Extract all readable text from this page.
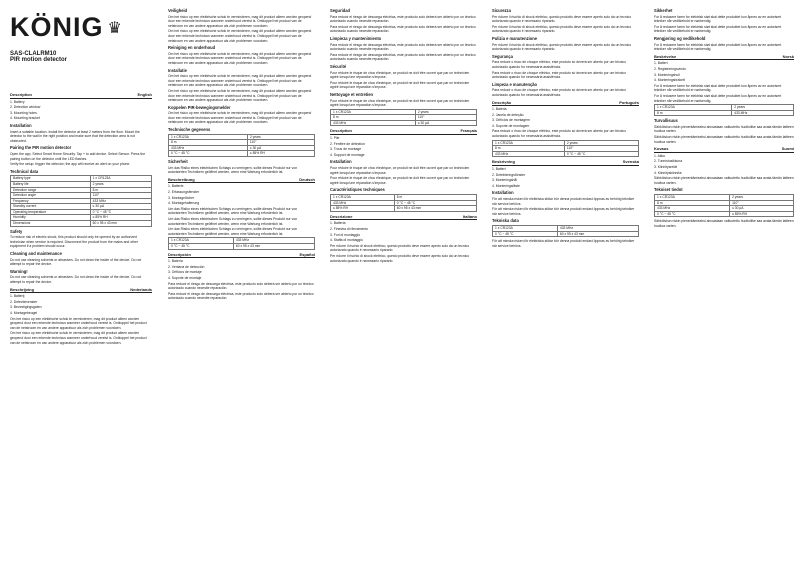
KÖNIG ♛
SAS-CLALRM10
PIR motion detector
Description	English

1. Battery

2. Detection window

3. Mounting holes

4. Mounting bracket

Installation

Insert a suitable location. Install the detector at least 2 meters from the floor. Mount the detector to the wall in the right position and make sure that the detection area is not obstructed.

Pairing the PIR motion detector

Open the app. Select Smart Home Security. Tap + to add device. Select Sensor. Press the pairing button on the detector until the LED flashes.

Verify the setup: trigger the detector; the app will receive an alert on your phone.

Technical data
Battery type	1 x CR123A
Battery life	2 years
Detection range	8 m
Detection angle	110°
Frequency	433 MHz
Standby current	≤ 30 µA
Operating temperature	0 °C ~ 45 °C
Humidity	≤ 85% RH
Dimensions	60 x 95 x 43 mm
Safety

To reduce risk of electric shock, this product should only be opened by an authorized technician when service is required. Disconnect the product from the mains and other equipment if a problem should occur.

Cleaning and maintenance

Do not use cleaning solvents or abrasives. Do not clean the inside of the device. Do not attempt to repair the device.

Warning!

Do not use cleaning solvents or abrasives. Do not clean the inside of the device. Do not attempt to repair the device.

Beschrijving	Nederlands

1. Batterij

2. Detectievenster

3. Bevestigingsgaten

4. Montagebeugel

Om het risico op een elektrische schok te verminderen, mag dit product alleen worden geopend door een erkende technicus wanneer onderhoud vereist is. Ontkoppel het product van de netstroom en van andere apparatuur als zich problemen voordoen.

Om het risico op een elektrische schok te verminderen, mag dit product alleen worden geopend door een erkende technicus wanneer onderhoud vereist is. Ontkoppel het product van de netstroom en van andere apparatuur als zich problemen voordoen.

Veiligheid

Om het risico op een elektrische schok te verminderen, mag dit product alleen worden geopend door een erkende technicus wanneer onderhoud vereist is. Ontkoppel het product van de netstroom en van andere apparatuur als zich problemen voordoen.

Om het risico op een elektrische schok te verminderen, mag dit product alleen worden geopend door een erkende technicus wanneer onderhoud vereist is. Ontkoppel het product van de netstroom en van andere apparatuur als zich problemen voordoen.

Reiniging en onderhoud

Om het risico op een elektrische schok te verminderen, mag dit product alleen worden geopend door een erkende technicus wanneer onderhoud vereist is. Ontkoppel het product van de netstroom en van andere apparatuur als zich problemen voordoen.

Installatie

Om het risico op een elektrische schok te verminderen, mag dit product alleen worden geopend door een erkende technicus wanneer onderhoud vereist is. Ontkoppel het product van de netstroom en van andere apparatuur als zich problemen voordoen.

Om het risico op een elektrische schok te verminderen, mag dit product alleen worden geopend door een erkende technicus wanneer onderhoud vereist is. Ontkoppel het product van de netstroom en van andere apparatuur als zich problemen voordoen.

Koppelen PIR-bewegingsmelder

Om het risico op een elektrische schok te verminderen, mag dit product alleen worden geopend door een erkende technicus wanneer onderhoud vereist is. Ontkoppel het product van de netstroom en van andere apparatuur als zich problemen voordoen.

Technische gegevens
1 x CR123A	2 years
8 m	110°
433 MHz	≤ 30 µA
0 °C ~ 45 °C	≤ 85% RH
Sicherheit

Um das Risiko eines elektrischen Schlags zu verringern, sollte dieses Produkt nur von autorisierten Technikern geöffnet werden, wenn eine Wartung erforderlich ist.

Beschreibung	Deutsch

1. Batterie

2. Erfassungsfenster

3. Montagelöcher

4. Montagehalterung

Um das Risiko eines elektrischen Schlags zu verringern, sollte dieses Produkt nur von autorisierten Technikern geöffnet werden, wenn eine Wartung erforderlich ist.

Um das Risiko eines elektrischen Schlags zu verringern, sollte dieses Produkt nur von autorisierten Technikern geöffnet werden, wenn eine Wartung erforderlich ist.

Um das Risiko eines elektrischen Schlags zu verringern, sollte dieses Produkt nur von autorisierten Technikern geöffnet werden, wenn eine Wartung erforderlich ist.

1 x CR123A	433 MHz
0 °C ~ 45 °C	60 x 95 x 43 mm
Descripción	Español

1. Batería

2. Ventana de detección

3. Orificios de montaje

4. Soporte de montaje

Para reducir el riesgo de descarga eléctrica, este producto solo deberá ser abierto por un técnico autorizado cuando necesite reparación.

Para reducir el riesgo de descarga eléctrica, este producto solo deberá ser abierto por un técnico autorizado cuando necesite reparación.

Seguridad

Para reducir el riesgo de descarga eléctrica, este producto solo deberá ser abierto por un técnico autorizado cuando necesite reparación.

Para reducir el riesgo de descarga eléctrica, este producto solo deberá ser abierto por un técnico autorizado cuando necesite reparación.

Limpieza y mantenimiento

Para reducir el riesgo de descarga eléctrica, este producto solo deberá ser abierto por un técnico autorizado cuando necesite reparación.

Para reducir el riesgo de descarga eléctrica, este producto solo deberá ser abierto por un técnico autorizado cuando necesite reparación.

Sécurité

Pour réduire le risque de choc électrique, ce produit ne doit être ouvert que par un technicien agréé lorsqu'une réparation s'impose.

Pour réduire le risque de choc électrique, ce produit ne doit être ouvert que par un technicien agréé lorsqu'une réparation s'impose.

Nettoyage et entretien

Pour réduire le risque de choc électrique, ce produit ne doit être ouvert que par un technicien agréé lorsqu'une réparation s'impose.

1 x CR123A	2 years
8 m	110°
433 MHz	≤ 30 µA
Description	Français

1. Pile

2. Fenêtre de détection

3. Trous de montage

4. Support de montage

Installation

Pour réduire le risque de choc électrique, ce produit ne doit être ouvert que par un technicien agréé lorsqu'une réparation s'impose.

Pour réduire le risque de choc électrique, ce produit ne doit être ouvert que par un technicien agréé lorsqu'une réparation s'impose.

Caractéristiques techniques
1 x CR123A	8 m
433 MHz	0 °C ~ 45 °C
≤ 85% RH	60 x 95 x 43 mm
Descrizione	Italiano

1. Batteria

2. Finestra di rilevamento

3. Fori di montaggio

4. Staffa di montaggio

Per ridurre il rischio di shock elettrico, questo prodotto deve essere aperto solo da un tecnico autorizzato quando è necessario ripararlo.

Per ridurre il rischio di shock elettrico, questo prodotto deve essere aperto solo da un tecnico autorizzato quando è necessario ripararlo.

Sicurezza

Per ridurre il rischio di shock elettrico, questo prodotto deve essere aperto solo da un tecnico autorizzato quando è necessario ripararlo.

Per ridurre il rischio di shock elettrico, questo prodotto deve essere aperto solo da un tecnico autorizzato quando è necessario ripararlo.

Pulizia e manutenzione

Per ridurre il rischio di shock elettrico, questo prodotto deve essere aperto solo da un tecnico autorizzato quando è necessario ripararlo.

Segurança

Para reduzir o risco de choque elétrico, este produto só deverá ser aberto por um técnico autorizado quando for necessária assistência.

Para reduzir o risco de choque elétrico, este produto só deverá ser aberto por um técnico autorizado quando for necessária assistência.

Limpeza e manutenção

Para reduzir o risco de choque elétrico, este produto só deverá ser aberto por um técnico autorizado quando for necessária assistência.

Descrição	Português

1. Bateria

2. Janela de deteção

3. Orifícios de montagem

4. Suporte de montagem

Para reduzir o risco de choque elétrico, este produto só deverá ser aberto por um técnico autorizado quando for necessária assistência.

1 x CR123A	2 years
8 m	110°
433 MHz	0 °C ~ 45 °C
Beskrivning	Svenska

1. Batteri

2. Detekteringsfönster

3. Monteringshål

4. Monteringsfäste

Installation

För att minska risken för elektriska stötar bör denna produkt endast öppnas av behörig tekniker när service behövs.

För att minska risken för elektriska stötar bör denna produkt endast öppnas av behörig tekniker när service behövs.

Tekniska data
1 x CR123A	433 MHz
0 °C ~ 45 °C	60 x 95 x 43 mm

För att minska risken för elektriska stötar bör denna produkt endast öppnas av behörig tekniker när service behövs.

Sikkerhet

For å redusere faren for elektrisk støt skal dette produktet kun åpnes av en autorisert tekniker når vedlikehold er nødvendig.

For å redusere faren for elektrisk støt skal dette produktet kun åpnes av en autorisert tekniker når vedlikehold er nødvendig.

Rengjøring og vedlikehold

For å redusere faren for elektrisk støt skal dette produktet kun åpnes av en autorisert tekniker når vedlikehold er nødvendig.

Beskrivelse	Norsk

1. Batteri

2. Registreringsvindu

3. Monteringshull

4. Monteringsbrakett

For å redusere faren for elektrisk støt skal dette produktet kun åpnes av en autorisert tekniker når vedlikehold er nødvendig.

For å redusere faren for elektrisk støt skal dette produktet kun åpnes av en autorisert tekniker når vedlikehold er nødvendig.

1 x CR123A	2 years
8 m	433 MHz
Turvallisuus

Sähköiskun riskin pienentämiseksi ainoastaan valtuutettu huoltoliike saa avata tämän laitteen huoltoa varten.

Sähköiskun riskin pienentämiseksi ainoastaan valtuutettu huoltoliike saa avata tämän laitteen huoltoa varten.

Kuvaus	Suomi

1. Akku

2. Tunnistusikkuna

3. Kiinnitysreiät

4. Kiinnityskiinnike

Sähköiskun riskin pienentämiseksi ainoastaan valtuutettu huoltoliike saa avata tämän laitteen huoltoa varten.

Tekniset tiedot
1 x CR123A	2 years
8 m	110°
433 MHz	≤ 30 µA
0 °C ~ 45 °C	≤ 85% RH

Sähköiskun riskin pienentämiseksi ainoastaan valtuutettu huoltoliike saa avata tämän laitteen huoltoa varten.
